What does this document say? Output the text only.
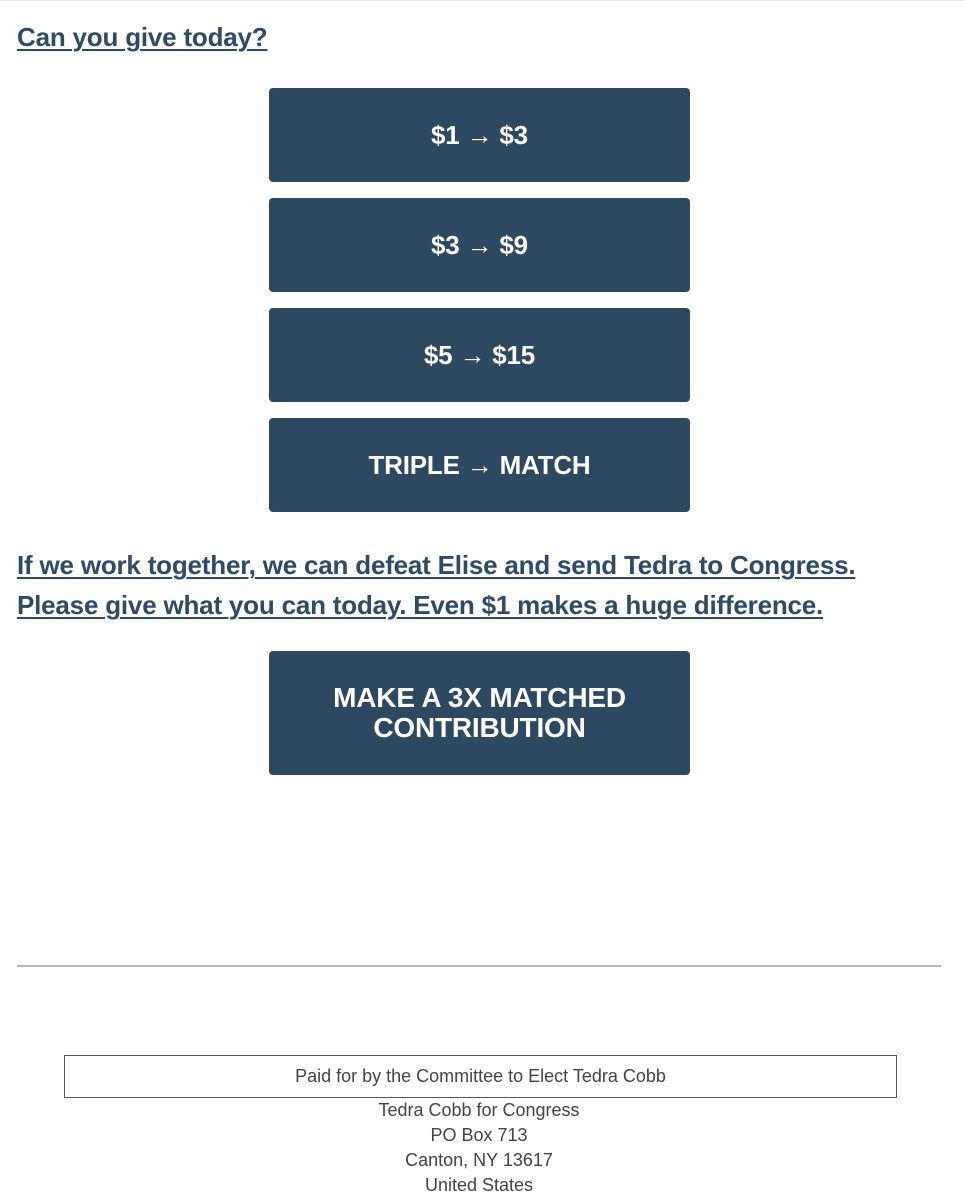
Can you give today?
$1 → $3
$3 → $9
$5 → $15
TRIPLE → MATCH
If we work together, we can defeat Elise and send Tedra to Congress.
Please give what you can today. Even $1 makes a huge difference.
MAKE A 3X MATCHED
CONTRIBUTION
Paid for by the Committee to Elect Tedra Cobb
Tedra Cobb for Congress
PO Box 713
Canton, NY 13617
United States
